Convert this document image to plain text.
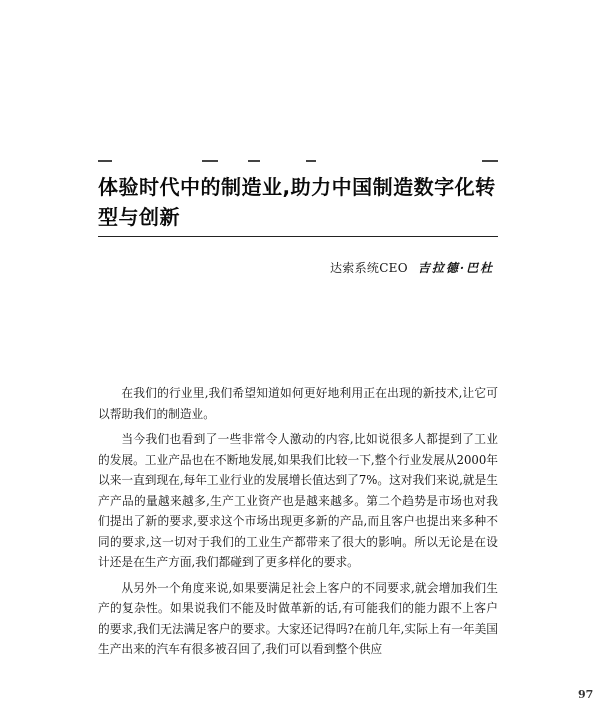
体验时代中的制造业,助力中国制造数字化转型与创新
达索系统CEO 吉拉德·巴杜

在我们的行业里,我们希望知道如何更好地利用正在出现的新技术,让它可以帮助我们的制造业。

当今我们也看到了一些非常令人激动的内容,比如说很多人都提到了工业的发展。工业产品也在不断地发展,如果我们比较一下,整个行业发展从2000年以来一直到现在,每年工业行业的发展增长值达到了7%。这对我们来说,就是生产产品的量越来越多,生产工业资产也是越来越多。第二个趋势是市场也对我们提出了新的要求,要求这个市场出现更多新的产品,而且客户也提出来多种不同的要求,这一切对于我们的工业生产都带来了很大的影响。所以无论是在设计还是在生产方面,我们都碰到了更多样化的要求。

从另外一个角度来说,如果要满足社会上客户的不同要求,就会增加我们生产的复杂性。如果说我们不能及时做革新的话,有可能我们的能力跟不上客户的要求,我们无法满足客户的要求。大家还记得吗?在前几年,实际上有一年美国生产出来的汽车有很多被召回了,我们可以看到整个供应

97
